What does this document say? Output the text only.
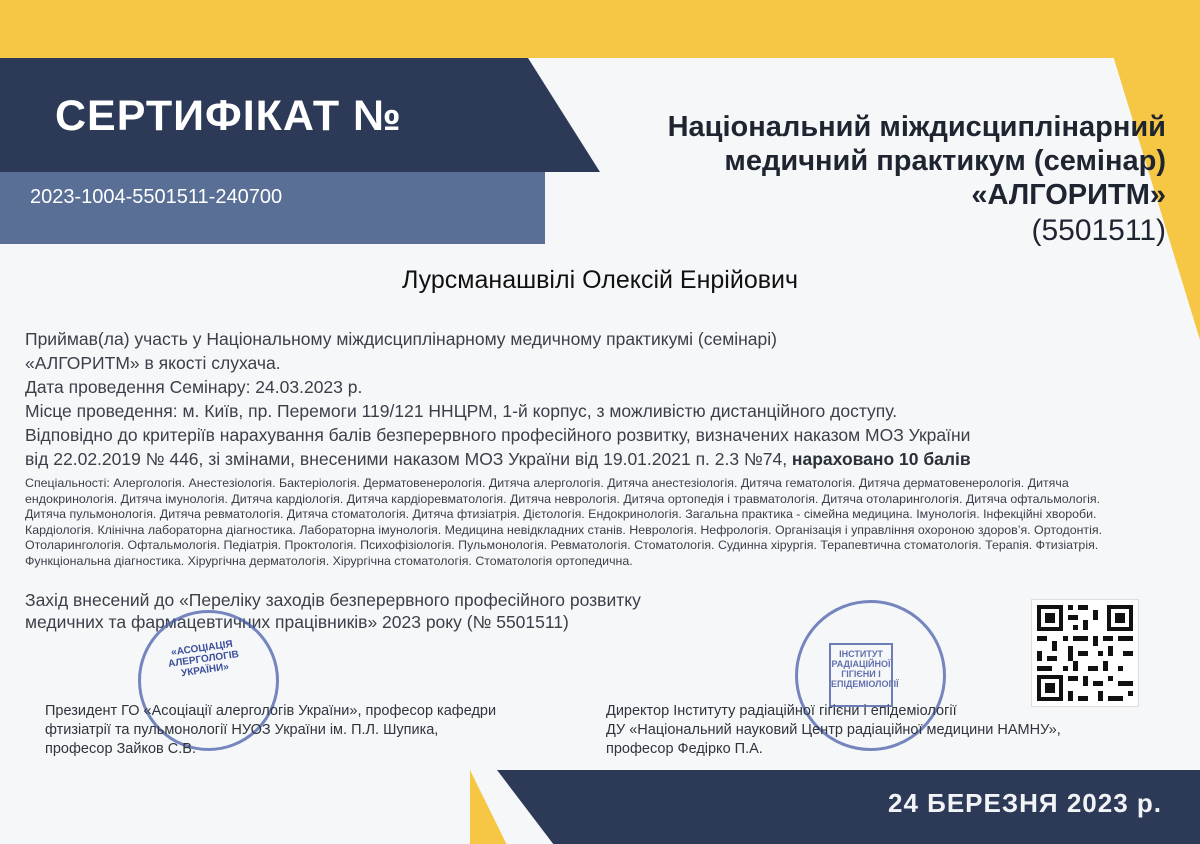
СЕРТИФІКАТ №
2023-1004-5501511-240700
Національний міждисциплінарний
медичний практикум (семінар)
«АЛГОРИТМ»
(5501511)
Лурсманашвілі Олексій Енрійович
Приймав(ла) участь у Національному міждисциплінарному медичному практикумі (семінарі)
«АЛГОРИТМ» в якості слухача.
Дата проведення Семінару: 24.03.2023 р.
Місце проведення: м. Київ, пр. Перемоги 119/121 ННЦРМ, 1-й корпус, з можливістю дистанційного доступу.
Відповідно до критеріїв нарахування балів безперервного професійного розвитку, визначених наказом МОЗ України
від 22.02.2019 № 446, зі змінами, внесеними наказом МОЗ України від 19.01.2021 п. 2.3 №74, нараховано 10 балів
Спеціальності: Алергологія. Анестезіологія. Бактеріологія. Дерматовенерологія. Дитяча алергологія. Дитяча анестезіологія. Дитяча гематологія. Дитяча дерматовенерологія. Дитяча ендокринологія. Дитяча імунологія. Дитяча кардіологія. Дитяча кардіоревматологія. Дитяча неврологія. Дитяча ортопедія і травматологія. Дитяча отоларингологія. Дитяча офтальмологія. Дитяча пульмонологія. Дитяча ревматологія. Дитяча стоматологія. Дитяча фтизіатрія. Дієтологія. Ендокринологія. Загальна практика - сімейна медицина. Імунологія. Інфекційні хвороби. Кардіологія. Клінічна лабораторна діагностика. Лабораторна імунологія. Медицина невідкладних станів. Неврологія. Нефрологія. Організація і управління охороною здоров’я. Ортодонтія. Отоларингологія. Офтальмологія. Педіатрія. Проктологія. Психофізіологія. Пульмонологія. Ревматологія. Стоматологія. Судинна хірургія. Терапевтична стоматологія. Терапія. Фтизіатрія. Функціональна діагностика. Хірургічна дерматологія. Хірургічна стоматологія. Стоматологія ортопедична.
Захід внесений до «Переліку заходів безперервного професійного розвитку
медичних та фармацевтичних працівників» 2023 року (№ 5501511)
«АСОЦІАЦІЯ АЛЕРГОЛОГІВ УКРАЇНИ»
ІНСТИТУТ РАДІАЦІЙНОЇ ГІГІЄНИ І ЕПІДЕМІОЛОГІЇ
Президент ГО «Асоціації алергологів України», професор кафедри
фтизіатрії та пульмонології НУОЗ України ім. П.Л. Шупика,
професор Зайков С.В.
Директор Інституту радіаційної гігієни і епідеміології
ДУ «Національний науковий Центр радіаційної медицини НАМНУ»,
професор Федірко П.А.
24 БЕРЕЗНЯ 2023 р.
